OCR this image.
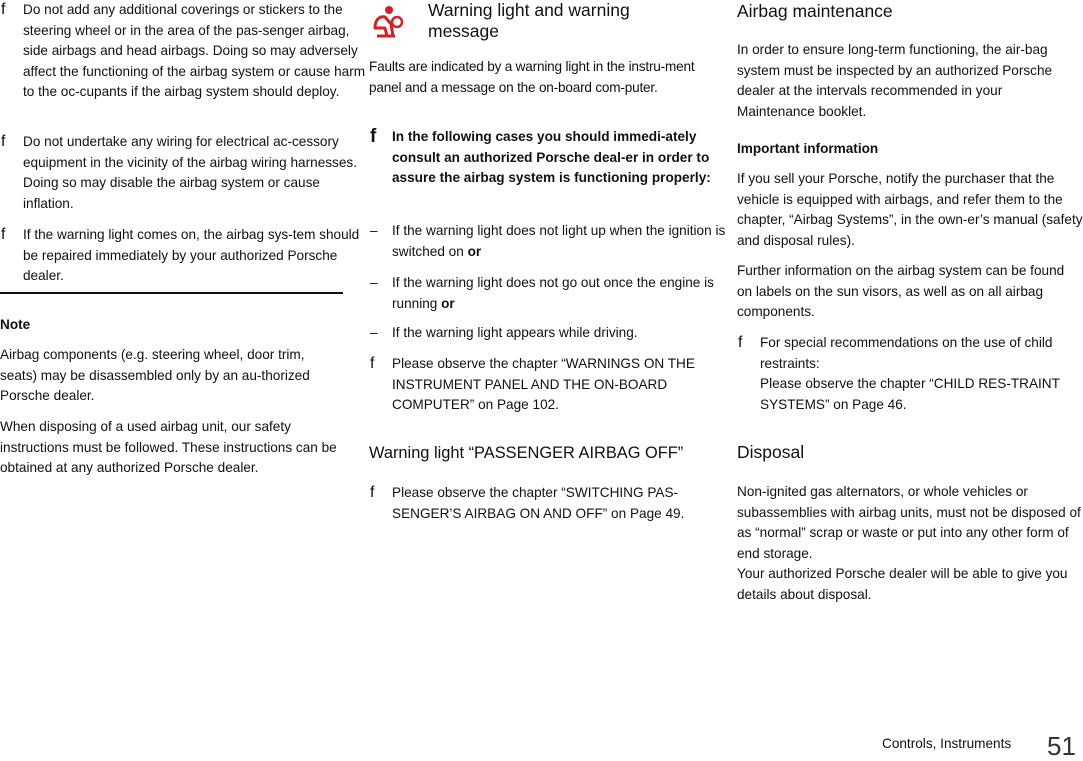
f Do not add any additional coverings or stickers to the steering wheel or in the area of the pas-senger airbag, side airbags and head airbags. Doing so may adversely affect the functioning of the airbag system or cause harm to the oc-cupants if the airbag system should deploy.

f Do not undertake any wiring for electrical ac-cessory equipment in the vicinity of the airbag wiring harnesses. Doing so may disable the airbag system or cause inflation.

f If the warning light comes on, the airbag sys-tem should be repaired immediately by your authorized Porsche dealer.

Note

Airbag components (e.g. steering wheel, door trim, seats) may be disassembled only by an au-thorized Porsche dealer.

When disposing of a used airbag unit, our safety instructions must be followed. These instructions can be obtained at any authorized Porsche dealer.

Warning light and warning message

Faults are indicated by a warning light in the instru-ment panel and a message on the on-board com-puter.

f In the following cases you should immedi-ately consult an authorized Porsche deal-er in order to assure the airbag system is functioning properly:

– If the warning light does not light up when the ignition is switched on or

– If the warning light does not go out once the engine is running or

– If the warning light appears while driving.

f Please observe the chapter “WARNINGS ON THE INSTRUMENT PANEL AND THE ON-BOARD COMPUTER” on Page 102.

Warning light “PASSENGER AIRBAG OFF”

f Please observe the chapter “SWITCHING PAS-SENGER’S AIRBAG ON AND OFF” on Page 49.

Airbag maintenance

In order to ensure long-term functioning, the air-bag system must be inspected by an authorized Porsche dealer at the intervals recommended in your Maintenance booklet.

Important information

If you sell your Porsche, notify the purchaser that the vehicle is equipped with airbags, and refer them to the chapter, “Airbag Systems”, in the own-er’s manual (safety and disposal rules).

Further information on the airbag system can be found on labels on the sun visors, as well as on all airbag components.

f For special recommendations on the use of child restraints:

Please observe the chapter “CHILD RES-TRAINT SYSTEMS” on Page 46.

Disposal

Non-ignited gas alternators, or whole vehicles or subassemblies with airbag units, must not be disposed of as “normal” scrap or waste or put into any other form of end storage.

Your authorized Porsche dealer will be able to give you details about disposal.

Controls, Instruments 51
